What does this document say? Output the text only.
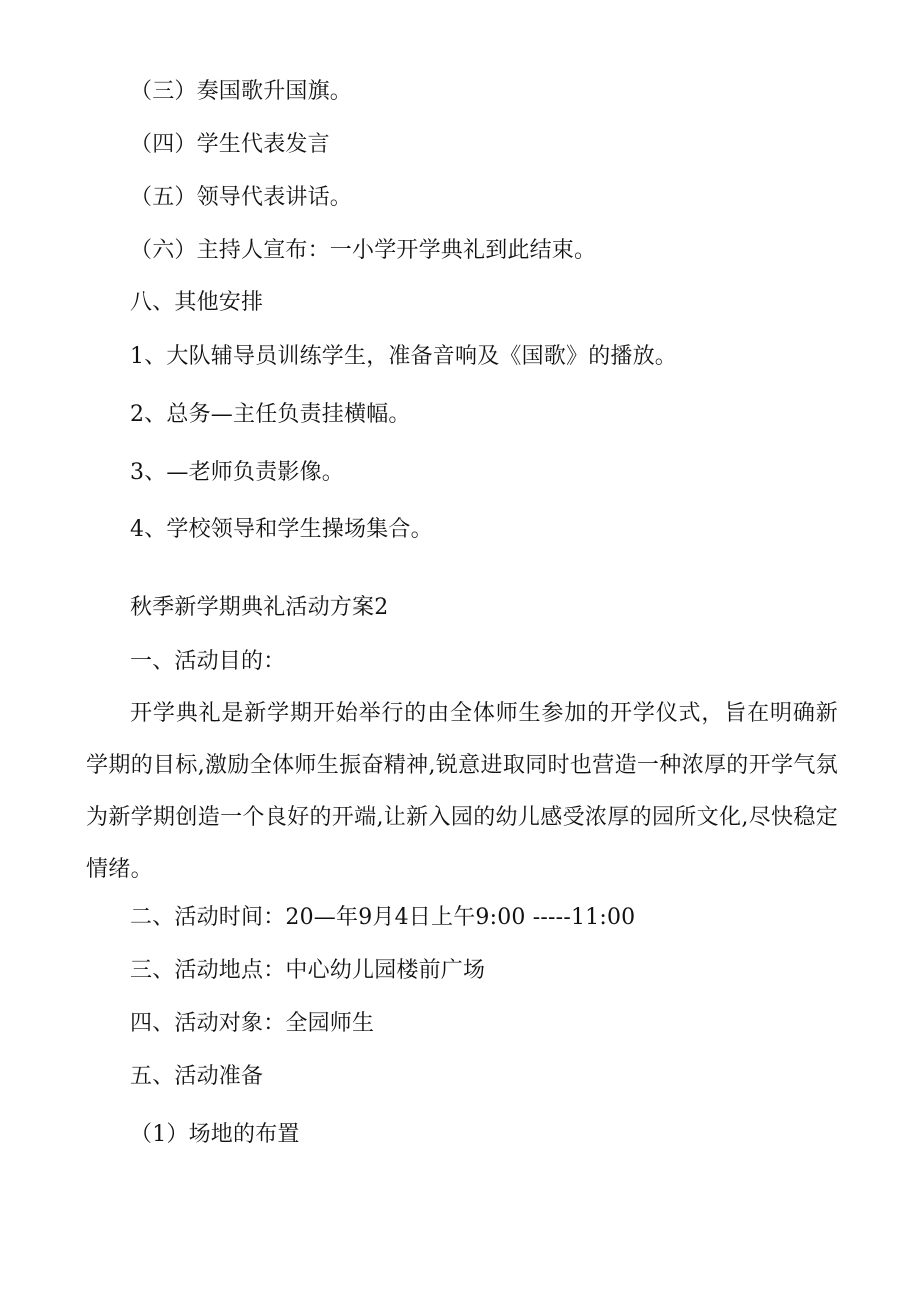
（三）奏国歌升国旗。
（四）学生代表发言
（五）领导代表讲话。
（六）主持人宣布：一小学开学典礼到此结束。
八、其他安排
1、大队辅导员训练学生，准备音响及《国歌》的播放。
2、总务—主任负责挂横幅。
3、—老师负责影像。
4、学校领导和学生操场集合。
秋季新学期典礼活动方案2
一、活动目的：
开学典礼是新学期开始举行的由全体师生参加的开学仪式，旨在明确新学期的目标,激励全体师生振奋精神,锐意进取同时也营造一种浓厚的开学气氛为新学期创造一个良好的开端,让新入园的幼儿感受浓厚的园所文化,尽快稳定情绪。
二、活动时间：20—年9月4日上午9:00 -----11:00
三、活动地点：中心幼儿园楼前广场
四、活动对象：全园师生
五、活动准备
（1）场地的布置
